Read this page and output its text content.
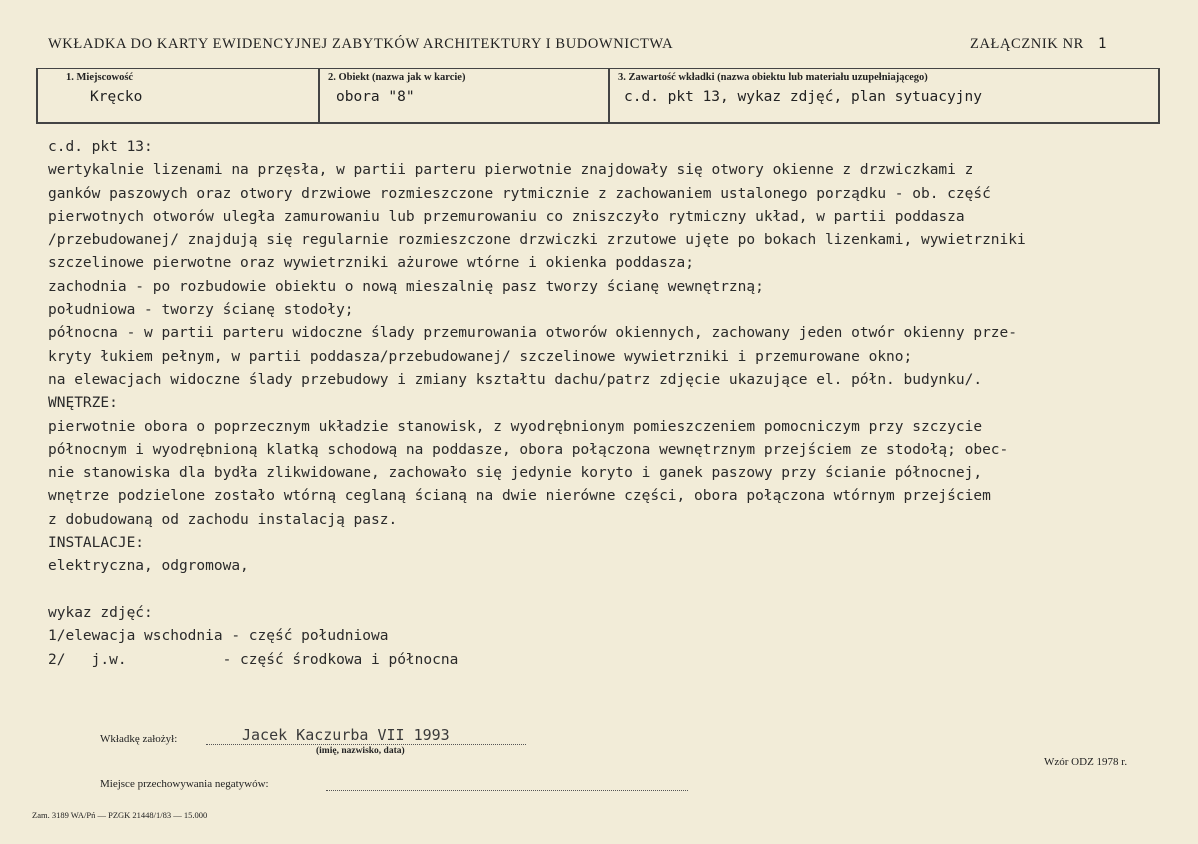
WKŁADKA DO KARTY EWIDENCYJNEJ ZABYTKÓW ARCHITEKTURY I BUDOWNICTWA	ZAŁĄCZNIK NR 1
1. Miejscowość
Kręcko
2. Obiekt (nazwa jak w karcie)
obora "8"
3. Zawartość wkładki (nazwa obiektu lub materiału uzupełniającego)
c.d. pkt 13, wykaz zdjęć, plan sytuacyjny
c.d. pkt 13:
wertykalnie lizenami na przęsła, w partii parteru pierwotnie znajdowały się otwory okienne z drzwiczkami z
ganków paszowych oraz otwory drzwiowe rozmieszczone rytmicznie z zachowaniem ustalonego porządku - ob. część
pierwotnych otworów uległa zamurowaniu lub przemurowaniu co zniszczyło rytmiczny układ, w partii poddasza
/przebudowanej/ znajdują się regularnie rozmieszczone drzwiczki zrzutowe ujęte po bokach lizenkami, wywietrzniki
szczelinowe pierwotne oraz wywietrzniki ażurowe wtórne i okienka poddasza;
zachodnia - po rozbudowie obiektu o nową mieszalnię pasz tworzy ścianę wewnętrzną;
południowa - tworzy ścianę stodoły;
północna - w partii parteru widoczne ślady przemurowania otworów okiennych, zachowany jeden otwór okienny prze-
kryty łukiem pełnym, w partii poddasza/przebudowanej/ szczelinowe wywietrzniki i przemurowane okno;
na elewacjach widoczne ślady przebudowy i zmiany kształtu dachu/patrz zdjęcie ukazujące el. półn. budynku/.
WNĘTRZE:
pierwotnie obora o poprzecznym układzie stanowisk, z wyodrębnionym pomieszczeniem pomocniczym przy szczycie
północnym i wyodrębnioną klatką schodową na poddasze, obora połączona wewnętrznym przejściem ze stodołą; obec-
nie stanowiska dla bydła zlikwidowane, zachowało się jedynie koryto i ganek paszowy przy ścianie północnej,
wnętrze podzielone zostało wtórną ceglaną ścianą na dwie nierówne części, obora połączona wtórnym przejściem
z dobudowaną od zachodu instalacją pasz.
INSTALACJE:
elektryczna, odgromowa,
wykaz zdjęć:
1/elewacja wschodnia - część południowa
2/   j.w.           - część środkowa i północna
Wkładkę założył:	Jacek Kaczurba VII 1993
(imię, nazwisko, data)
Wzór ODZ 1978 r.
Miejsce przechowywania negatywów:
Zam. 3189 WA/Pń — PZGK 21448/1/83 — 15.000
